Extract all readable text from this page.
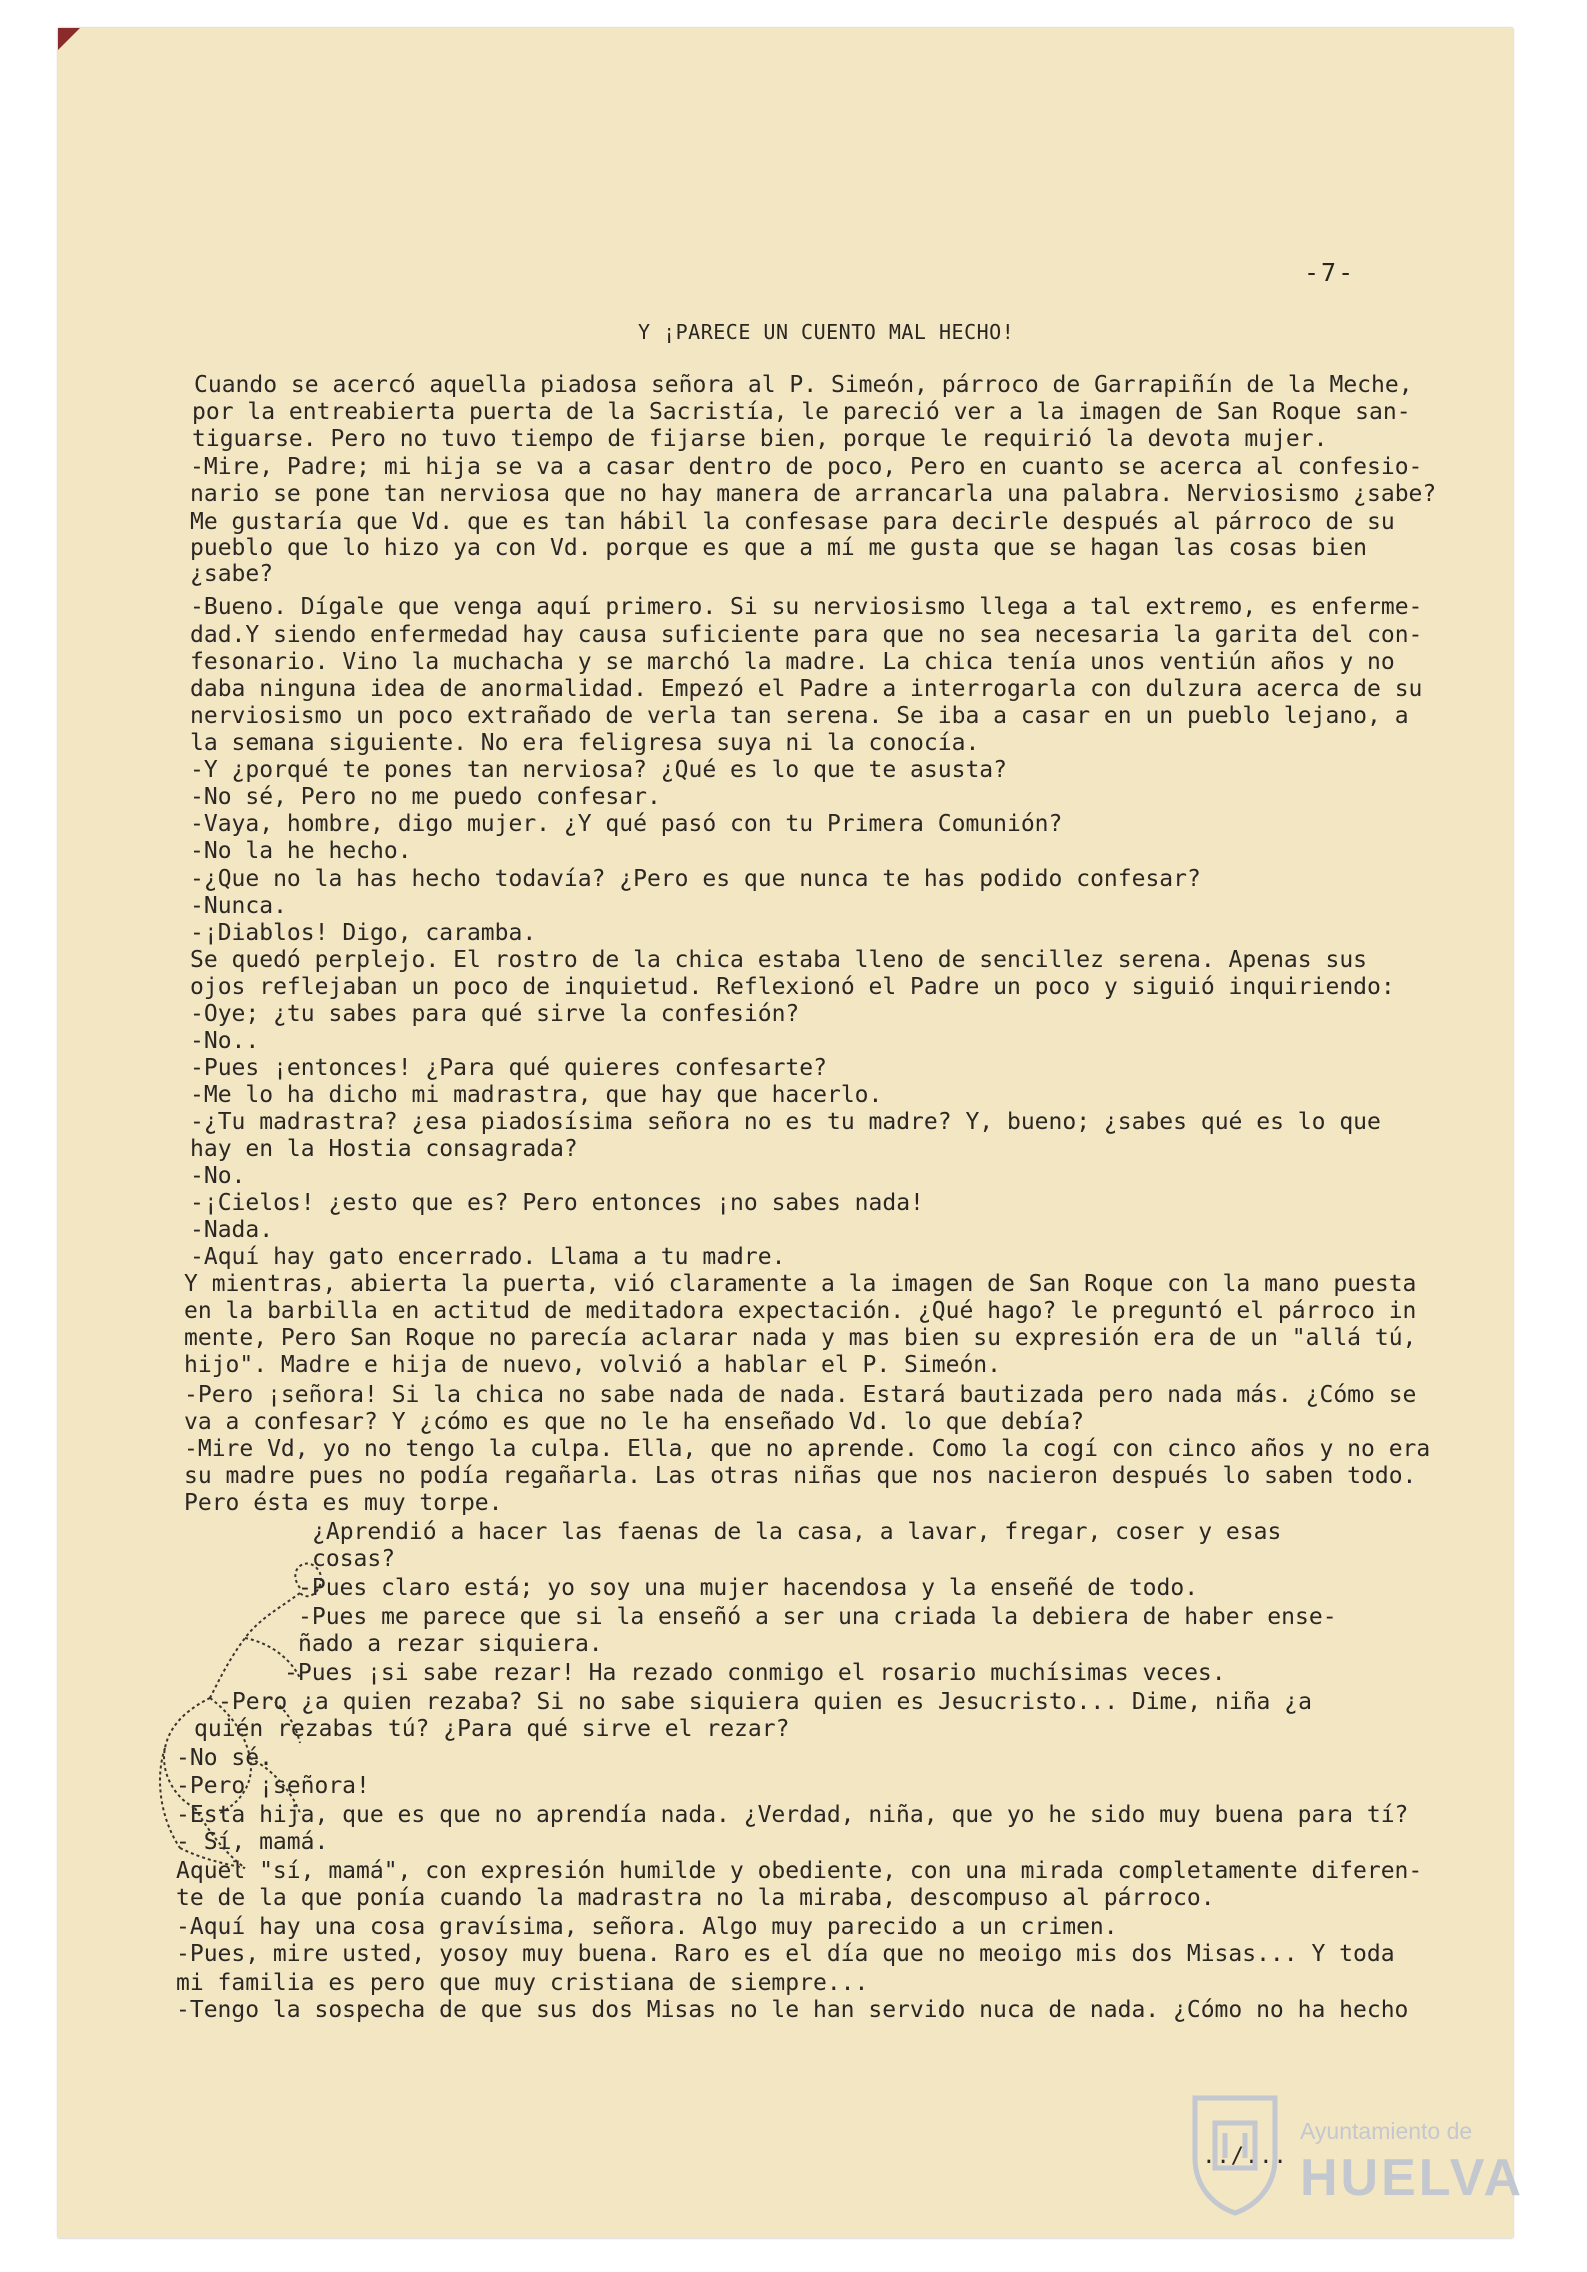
-7-
Y ¡PARECE UN CUENTO MAL HECHO!
Cuando se acercó aquella piadosa señora al P. Simeón, párroco de Garrapiñín de la Meche,
por la entreabierta puerta de la Sacristía, le pareció ver a la imagen de San Roque san-
tiguarse. Pero no tuvo tiempo de fijarse bien, porque le requirió la devota mujer.
-Mire, Padre; mi hija se va a casar dentro de poco, Pero en cuanto se acerca al confesio-
nario se pone tan nerviosa que no hay manera de arrancarla una palabra. Nerviosismo ¿sabe?
Me gustaría que Vd. que es tan hábil la confesase para decirle después al párroco de su
pueblo que lo hizo ya con Vd. porque es que a mí me gusta que se hagan las cosas bien
¿sabe?
-Bueno. Dígale que venga aquí primero. Si su nerviosismo llega a tal extremo, es enferme-
dad.Y siendo enfermedad hay causa suficiente para que no sea necesaria la garita del con-
fesonario. Vino la muchacha y se marchó la madre. La chica tenía unos ventiún años y no
daba ninguna idea de anormalidad. Empezó el Padre a interrogarla con dulzura acerca de su
nerviosismo un poco extrañado de verla tan serena. Se iba a casar en un pueblo lejano, a
la semana siguiente. No era feligresa suya ni la conocía.
-Y ¿porqué te pones tan nerviosa? ¿Qué es lo que te asusta?
-No sé, Pero no me puedo confesar.
-Vaya, hombre, digo mujer. ¿Y qué pasó con tu Primera Comunión?
-No la he hecho.
-¿Que no la has hecho todavía? ¿Pero es que nunca te has podido confesar?
-Nunca.
-¡Diablos! Digo, caramba.
Se quedó perplejo. El rostro de la chica estaba lleno de sencillez serena. Apenas sus
ojos reflejaban un poco de inquietud. Reflexionó el Padre un poco y siguió inquiriendo:
-Oye; ¿tu sabes para qué sirve la confesión?
-No..
-Pues ¡entonces! ¿Para qué quieres confesarte?
-Me lo ha dicho mi madrastra, que hay que hacerlo.
-¿Tu madrastra? ¿esa piadosísima señora no es tu madre? Y, bueno; ¿sabes qué es lo que
hay en la Hostia consagrada?
-No.
-¡Cielos! ¿esto que es? Pero entonces ¡no sabes nada!
-Nada.
-Aquí hay gato encerrado. Llama a tu madre.
Y mientras, abierta la puerta, vió claramente a la imagen de San Roque con la mano puesta
en la barbilla en actitud de meditadora expectación. ¿Qué hago? le preguntó el párroco in
mente, Pero San Roque no parecía aclarar nada y mas bien su expresión era de un "allá tú,
hijo". Madre e hija de nuevo, volvió a hablar el P. Simeón.
-Pero ¡señora! Si la chica no sabe nada de nada. Estará bautizada pero nada más. ¿Cómo se
va a confesar? Y ¿cómo es que no le ha enseñado Vd. lo que debía?
-Mire Vd, yo no tengo la culpa. Ella, que no aprende. Como la cogí con cinco años y no era
su madre pues no podía regañarla. Las otras niñas que nos nacieron después lo saben todo.
Pero ésta es muy torpe.
¿Aprendió a hacer las faenas de la casa, a lavar, fregar, coser y esas
cosas?
-Pues claro está; yo soy una mujer hacendosa y la enseñé de todo.
-Pues me parece que si la enseñó a ser una criada la debiera de haber ense-
ñado a rezar siquiera.
-Pues ¡si sabe rezar! Ha rezado conmigo el rosario muchísimas veces.
-Pero ¿a quien rezaba? Si no sabe siquiera quien es Jesucristo... Dime, niña ¿a
quién rezabas tú? ¿Para qué sirve el rezar?
-No sé.
-Pero ¡señora!
-Esta hija, que es que no aprendía nada. ¿Verdad, niña, que yo he sido muy buena para tí?
- Sí, mamá.
Aquel "sí, mamá", con expresión humilde y obediente, con una mirada completamente diferen-
te de la que ponía cuando la madrastra no la miraba, descompuso al párroco.
-Aquí hay una cosa gravísima, señora. Algo muy parecido a un crimen.
-Pues, mire usted, yosoy muy buena. Raro es el día que no meoigo mis dos Misas... Y toda
mi familia es pero que muy cristiana de siempre...
-Tengo la sospecha de que sus dos Misas no le han servido nuca de nada. ¿Cómo no ha hecho
.../...
Ayuntamiento de
HUELVA
